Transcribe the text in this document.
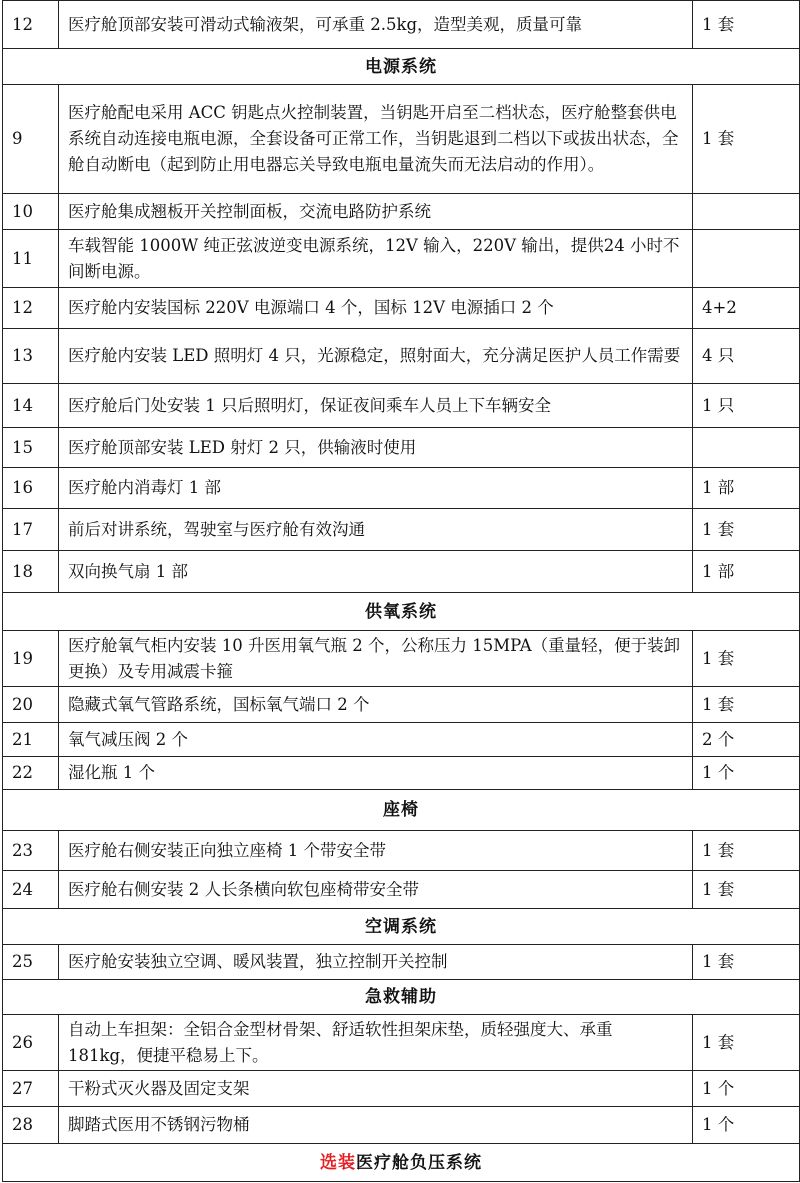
12	医疗舱顶部安装可滑动式输液架，可承重 2.5kg，造型美观，质量可靠	1 套
电源系统		
9	医疗舱配电采用 ACC 钥匙点火控制装置，当钥匙开启至二档状态，医疗舱整套供电系统自动连接电瓶电源，全套设备可正常工作，当钥匙退到二档以下或拔出状态，全舱自动断电（起到防止用电器忘关导致电瓶电量流失而无法启动的作用）。	1 套
10	医疗舱集成翘板开关控制面板，交流电路防护系统	
11	车载智能 1000W 纯正弦波逆变电源系统，12V 输入，220V 输出，提供24 小时不间断电源。	
12	医疗舱内安装国标 220V 电源端口 4 个，国标 12V 电源插口 2 个	4+2
13	医疗舱内安装 LED 照明灯 4 只，光源稳定，照射面大，充分满足医护人员工作需要	4 只
14	医疗舱后门处安装 1 只后照明灯，保证夜间乘车人员上下车辆安全	1 只
15	医疗舱顶部安装 LED 射灯 2 只，供输液时使用	
16	医疗舱内消毒灯 1 部	1 部
17	前后对讲系统，驾驶室与医疗舱有效沟通	1 套
18	双向换气扇 1 部	1 部
供氧系统		
19	医疗舱氧气柜内安装 10 升医用氧气瓶 2 个，公称压力 15MPA（重量轻，便于装卸更换）及专用减震卡箍	1 套
20	隐藏式氧气管路系统，国标氧气端口 2 个	1 套
21	氧气减压阀 2 个	2 个
22	湿化瓶 1 个	1 个
座椅		
23	医疗舱右侧安装正向独立座椅 1 个带安全带	1 套
24	医疗舱右侧安装 2 人长条横向软包座椅带安全带	1 套
空调系统		
25	医疗舱安装独立空调、暖风装置，独立控制开关控制	1 套
急救辅助		
26	自动上车担架：全铝合金型材骨架、舒适软性担架床垫，质轻强度大、承重 181kg，便捷平稳易上下。	1 套
27	干粉式灭火器及固定支架	1 个
28	脚踏式医用不锈钢污物桶	1 个
选装医疗舱负压系统		
